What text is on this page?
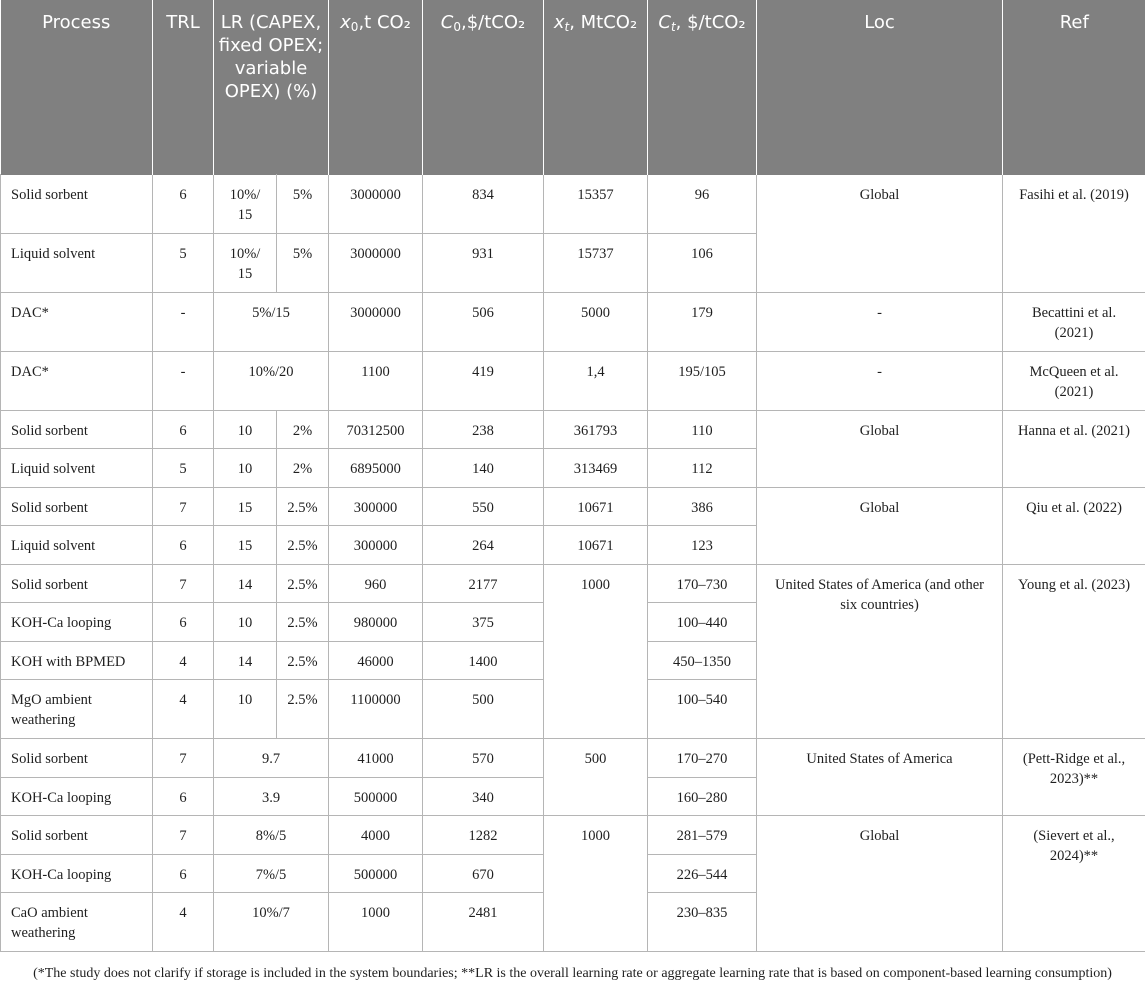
Process	TRL	LR (CAPEX, fixed OPEX; variable OPEX) (%)		$x_0,t$ CO₂	$C_0,\$$/tCO₂	$x_t$, MtCO₂	$C_t$, $/tCO₂	Loc	Ref
Solid sorbent	6	10%/ 15	5%	3000000	834	15357	96	Global	Fasihi et al. (2019)
Liquid solvent	5	10%/ 15	5%	3000000	931	15737	106		
DAC*	-	5%/15		3000000	506	5000	179	-	Becattini et al. (2021)
DAC*	-	10%/20		1100	419	1,4	195/105	-	McQueen et al. (2021)
Solid sorbent	6	10	2%	70312500	238	361793	110	Global	Hanna et al. (2021)
Liquid solvent	5	10	2%	6895000	140	313469	112		
Solid sorbent	7	15	2.5%	300000	550	10671	386	Global	Qiu et al. (2022)
Liquid solvent	6	15	2.5%	300000	264	10671	123		
Solid sorbent	7	14	2.5%	960	2177	1000	170–730	United States of America (and other six countries)	Young et al. (2023)
KOH-Ca looping	6	10	2.5%	980000	375		100–440		
KOH with BPMED	4	14	2.5%	46000	1400		450–1350		
MgO ambient weathering	4	10	2.5%	1100000	500		100–540		
Solid sorbent	7	9.7		41000	570	500	170–270	United States of America	(Pett-Ridge et al., 2023)**
KOH-Ca looping	6	3.9		500000	340		160–280		
Solid sorbent	7	8%/5		4000	1282	1000	281–579	Global	(Sievert et al., 2024)**
KOH-Ca looping	6	7%/5		500000	670		226–544		
CaO ambient weathering	4	10%/7		1000	2481		230–835		
(*The study does not clarify if storage is included in the system boundaries; **LR is the overall learning rate or aggregate learning rate that is based on component-based learning consumption)
